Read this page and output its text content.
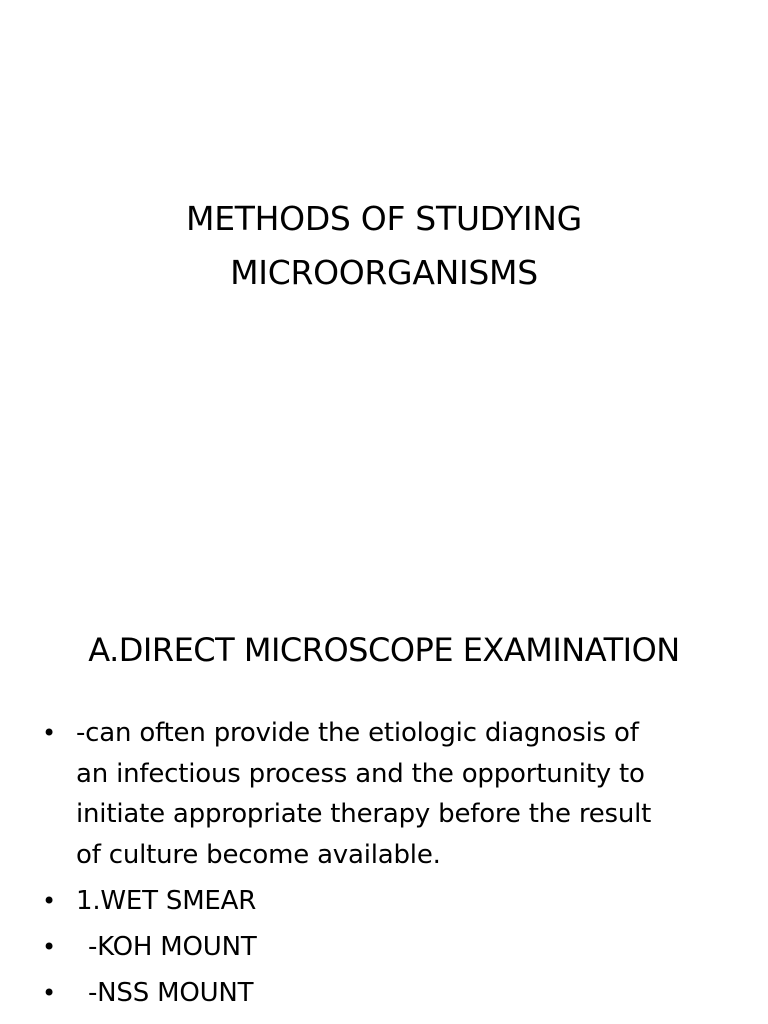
METHODS OF STUDYING
MICROORGANISMS
A.DIRECT MICROSCOPE EXAMINATION
• -can often provide the etiologic diagnosis of
an infectious process and the opportunity to
initiate appropriate therapy before the result
of culture become available.
• 1.WET SMEAR
•	-KOH MOUNT
•	-NSS MOUNT
